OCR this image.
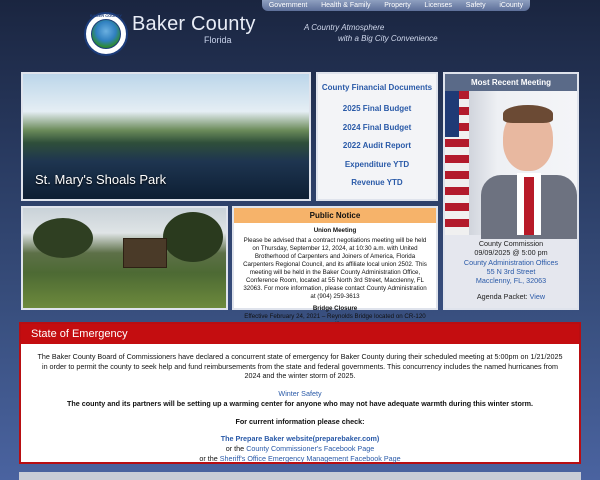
Government Health & Family Property Licenses Safety iCounty
BAKER COUNTY Baker County
Florida
A Country Atmosphere
with a Big City Convenience
St. Mary's Shoals Park
County Financial Documents
2025 Final Budget
2024 Final Budget
2022 Audit Report
Expenditure YTD
Revenue YTD
Most Recent Meeting
County Commission
09/09/2025 @ 5:00 pm
County Administration Offices
55 N 3rd Street
Macclenny, FL, 32063
Agenda Packet: View
Public Notice
Union Meeting
Please be advised that a contract negotiations meeting will be held on Thursday, September 12, 2024, at 10:30 a.m. with United Brotherhood of Carpenters and Joiners of America, Florida Carpenters Regional Council, and its affiliate local union 2502. This meeting will be held in the Baker County Administration Office, Conference Room, located at 55 North 3rd Street, Macclenny, FL 32063. For more information, please contact County Administration at (904) 259-3613
Bridge Closure
Effective February 24, 2021 – Reynolds Bridge located on CR-120
State of Emergency
The Baker County Board of Commissioners have declared a concurrent state of emergency for Baker County during their scheduled meeting at 5:00pm on 1/21/2025 in order to permit the county to seek help and fund reimbursements from the state and federal governments. This concurrency includes the named hurricanes from 2024 and the winter storm of 2025.
Winter Safety
The county and its partners will be setting up a warming center for anyone who may not have adequate warmth during this winter storm.
For current information please check:
The Prepare Baker website(preparebaker.com)
or the County Commissioner's Facebook Page
or the Sheriff's Office Emergency Management Facebook Page
